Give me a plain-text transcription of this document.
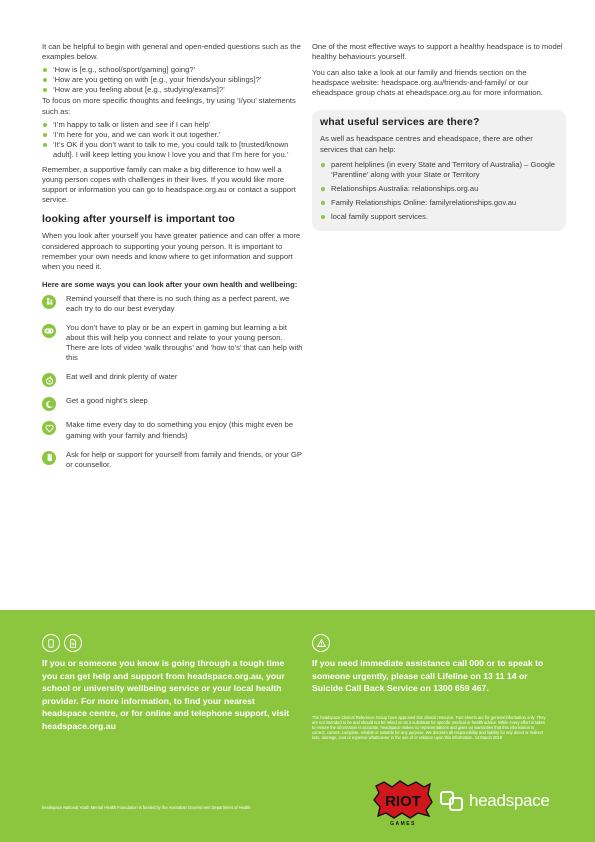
It can be helpful to begin with general and open-ended questions such as the examples below.

‘How is [e.g., school/sport/gaming] going?’
‘How are you getting on with [e.g., your friends/your siblings]?’
‘How are you feeling about [e.g., studying/exams]?’

To focus on more specific thoughts and feelings, try using ‘I/you’ statements such as:

‘I’m happy to talk or listen and see if I can help’
‘I’m here for you, and we can work it out together.’
‘It’s OK if you don’t want to talk to me, you could talk to [trusted/known adult]. I will keep letting you know I love you and that I’m here for you.’

Remember, a supportive family can make a big difference to how well a young person copes with challenges in their lives. If you would like more support or information you can go to headspace.org.au or contact a support service.

looking after yourself is important too

When you look after yourself you have greater patience and can offer a more considered approach to supporting your young person. It is important to remember your own needs and know where to get information and support when you need it.

Here are some ways you can look after your own health and wellbeing:

Remind yourself that there is no such thing as a perfect parent, we each try to do our best everyday

You don’t have to play or be an expert in gaming but learning a bit about this will help you connect and relate to your young person. There are lots of video ‘walk throughs’ and ‘how to’s’ that can help with this

Eat well and drink plenty of water

Get a good night’s sleep

Make time every day to do something you enjoy (this might even be gaming with your family and friends)

Ask for help or support for yourself from family and friends, or your GP or counsellor.

One of the most effective ways to support a healthy headspace is to model healthy behaviours yourself.

You can also take a look at our family and friends section on the headspace website: headspace.org.au/friends-and-family/ or our eheadspace group chats at eheadspace.org.au for more information.

what useful services are there?

As well as headspace centres and eheadspace, there are other services that can help:

parent helplines (in every State and Territory of Australia) – Google ‘Parentline’ along with your State or Territory
Relationships Australia: relationships.org.au
Family Relationships Online: familyrelationships.gov.au
local family support services.

If you or someone you know is going through a tough time you can get help and support from headspace.org.au, your school or university wellbeing service or your local health provider. For more information, to find your nearest headspace centre, or for online and telephone support, visit headspace.org.au

If you need immediate assistance call 000 or to speak to someone urgently, please call Lifeline on 13 11 14 or Suicide Call Back Service on 1300 659 467.

The headspace Clinical Reference Group have approved this clinical resource. Fact sheets are for general information only. They are not intended to be and should not be relied on as a substitute for specific medical or health advice. While every effort is taken to ensure the information is accurate, headspace makes no representations and gives no warranties that this information is correct, current, complete, reliable or suitable for any purpose. We disclaim all responsibility and liability for any direct or indirect loss, damage, cost or expense whatsoever in the use of or reliance upon this information. 14 March 2019

headspace National Youth Mental Health Foundation is funded by the Australian Government Department of Health	RIOT
GAMES
headspace
